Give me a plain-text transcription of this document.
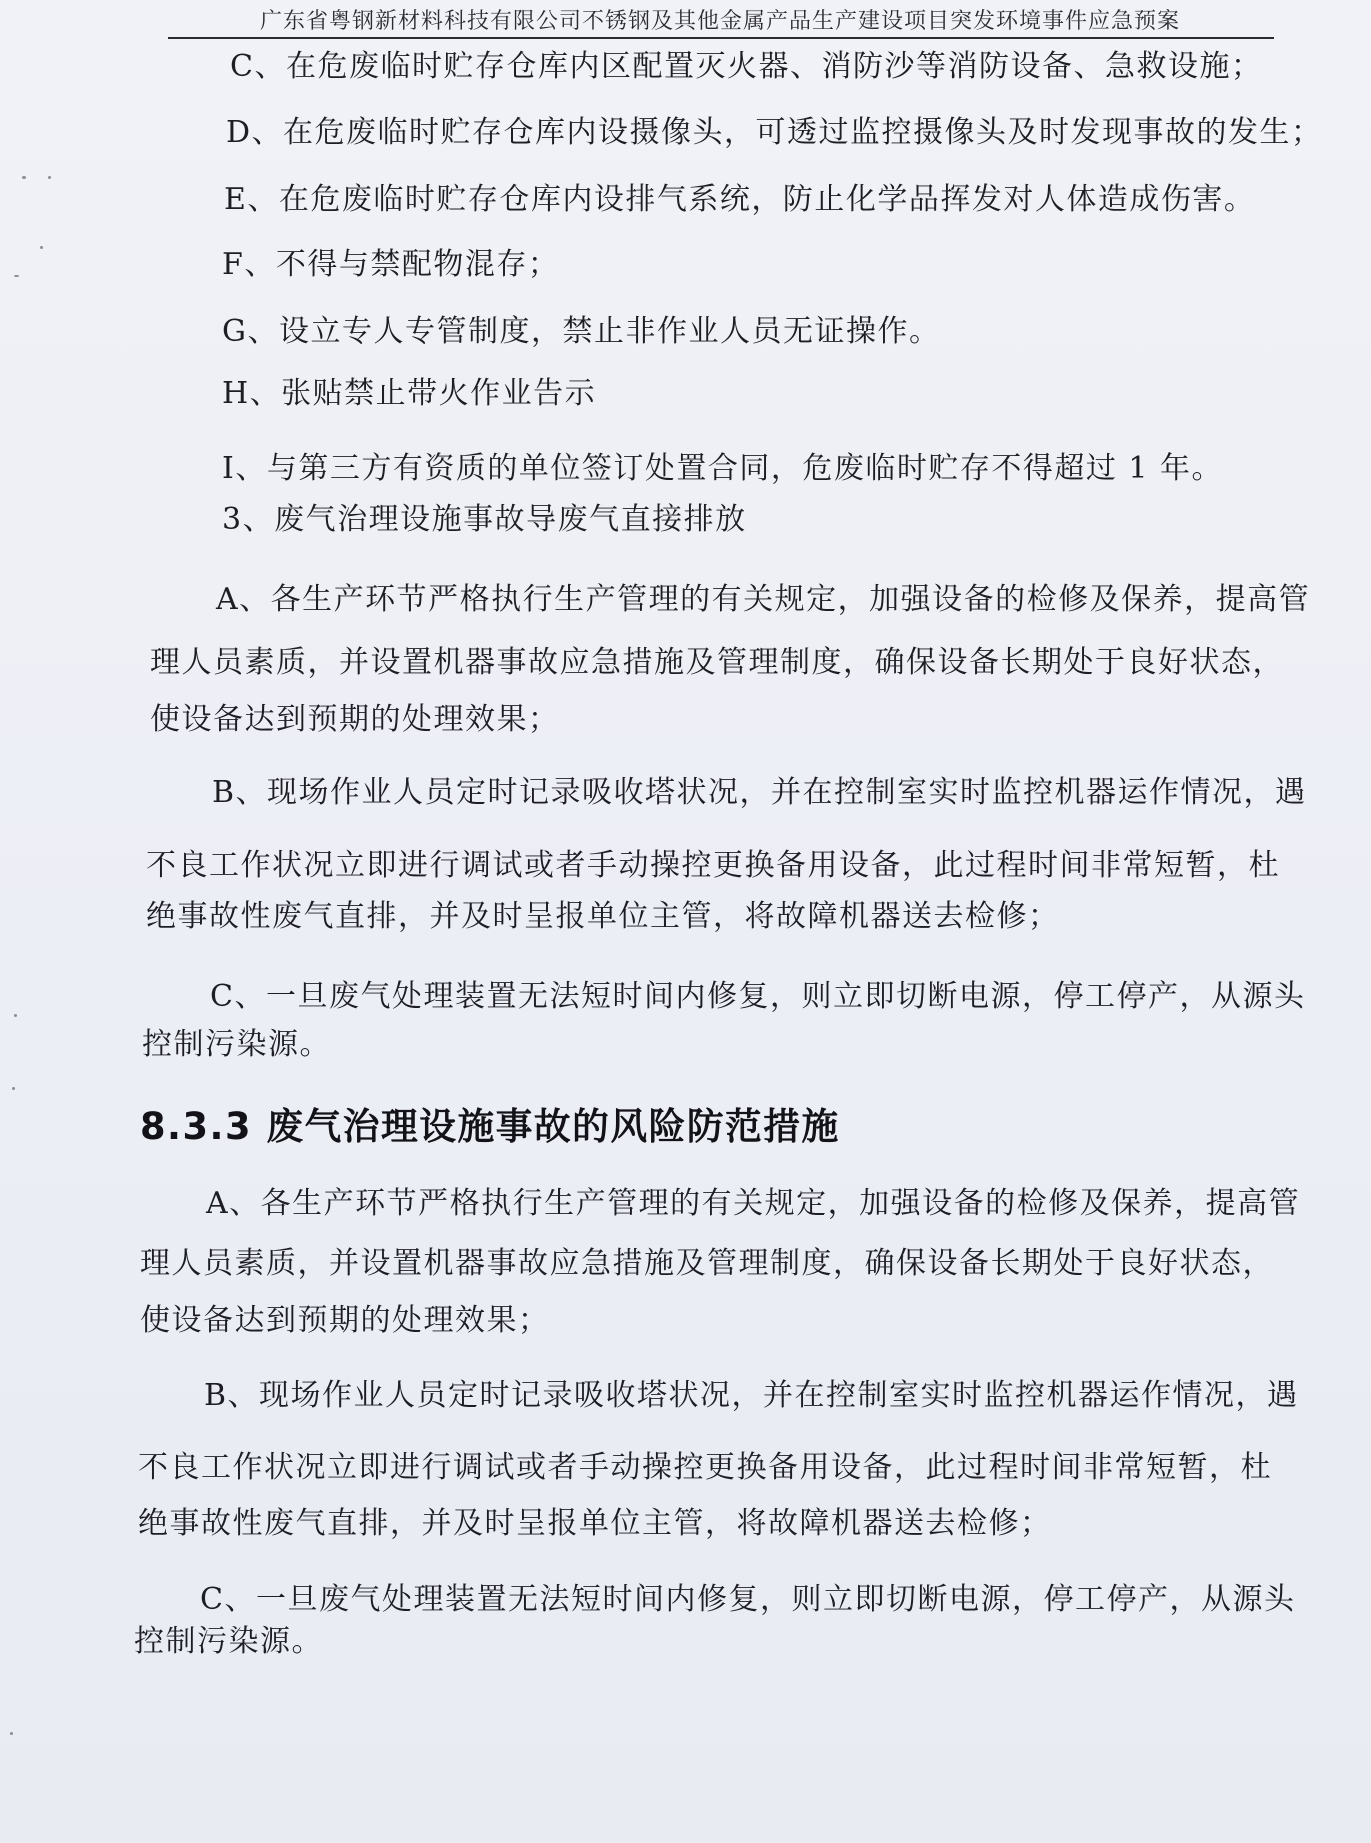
广东省粤钢新材料科技有限公司不锈钢及其他金属产品生产建设项目突发环境事件应急预案
C、在危废临时贮存仓库内区配置灭火器、消防沙等消防设备、急救设施；
D、在危废临时贮存仓库内设摄像头，可透过监控摄像头及时发现事故的发生；
E、在危废临时贮存仓库内设排气系统，防止化学品挥发对人体造成伤害。
F、不得与禁配物混存；
G、设立专人专管制度，禁止非作业人员无证操作。
H、张贴禁止带火作业告示
I、与第三方有资质的单位签订处置合同，危废临时贮存不得超过 1 年。
3、废气治理设施事故导废气直接排放
A、各生产环节严格执行生产管理的有关规定，加强设备的检修及保养，提高管
理人员素质，并设置机器事故应急措施及管理制度，确保设备长期处于良好状态，
使设备达到预期的处理效果；
B、现场作业人员定时记录吸收塔状况，并在控制室实时监控机器运作情况，遇
不良工作状况立即进行调试或者手动操控更换备用设备，此过程时间非常短暂，杜
绝事故性废气直排，并及时呈报单位主管，将故障机器送去检修；
C、一旦废气处理装置无法短时间内修复，则立即切断电源，停工停产，从源头
控制污染源。
8.3.3 废气治理设施事故的风险防范措施
A、各生产环节严格执行生产管理的有关规定，加强设备的检修及保养，提高管
理人员素质，并设置机器事故应急措施及管理制度，确保设备长期处于良好状态，
使设备达到预期的处理效果；
B、现场作业人员定时记录吸收塔状况，并在控制室实时监控机器运作情况，遇
不良工作状况立即进行调试或者手动操控更换备用设备，此过程时间非常短暂，杜
绝事故性废气直排，并及时呈报单位主管，将故障机器送去检修；
C、一旦废气处理装置无法短时间内修复，则立即切断电源，停工停产，从源头
控制污染源。
